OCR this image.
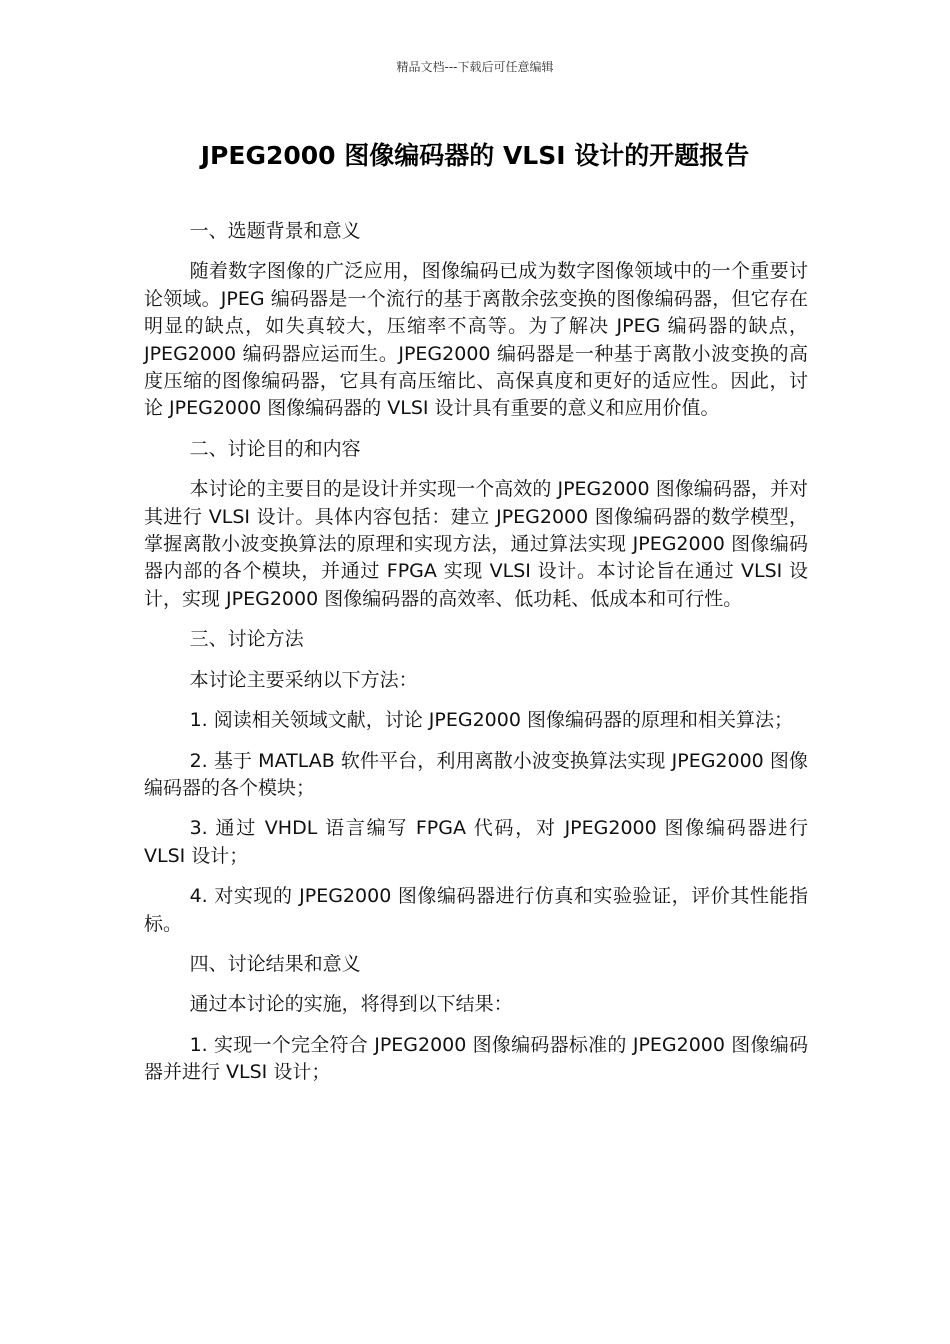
精品文档---下载后可任意编辑
JPEG2000 图像编码器的 VLSI 设计的开题报告

一、选题背景和意义

随着数字图像的广泛应用，图像编码已成为数字图像领域中的一个重要讨论领域。JPEG 编码器是一个流行的基于离散余弦变换的图像编码器，但它存在明显的缺点，如失真较大，压缩率不高等。为了解决 JPEG 编码器的缺点，JPEG2000 编码器应运而生。JPEG2000 编码器是一种基于离散小波变换的高度压缩的图像编码器，它具有高压缩比、高保真度和更好的适应性。因此，讨论 JPEG2000 图像编码器的 VLSI 设计具有重要的意义和应用价值。

二、讨论目的和内容

本讨论的主要目的是设计并实现一个高效的 JPEG2000 图像编码器，并对其进行 VLSI 设计。具体内容包括：建立 JPEG2000 图像编码器的数学模型，掌握离散小波变换算法的原理和实现方法，通过算法实现 JPEG2000 图像编码器内部的各个模块，并通过 FPGA 实现 VLSI 设计。本讨论旨在通过 VLSI 设计，实现 JPEG2000 图像编码器的高效率、低功耗、低成本和可行性。

三、讨论方法

本讨论主要采纳以下方法：

1. 阅读相关领域文献，讨论 JPEG2000 图像编码器的原理和相关算法；

2. 基于 MATLAB 软件平台，利用离散小波变换算法实现 JPEG2000 图像编码器的各个模块；

3. 通过 VHDL 语言编写 FPGA 代码，对 JPEG2000 图像编码器进行 VLSI 设计；

4. 对实现的 JPEG2000 图像编码器进行仿真和实验验证，评价其性能指标。

四、讨论结果和意义

通过本讨论的实施，将得到以下结果：

1. 实现一个完全符合 JPEG2000 图像编码器标准的 JPEG2000 图像编码器并进行 VLSI 设计；
